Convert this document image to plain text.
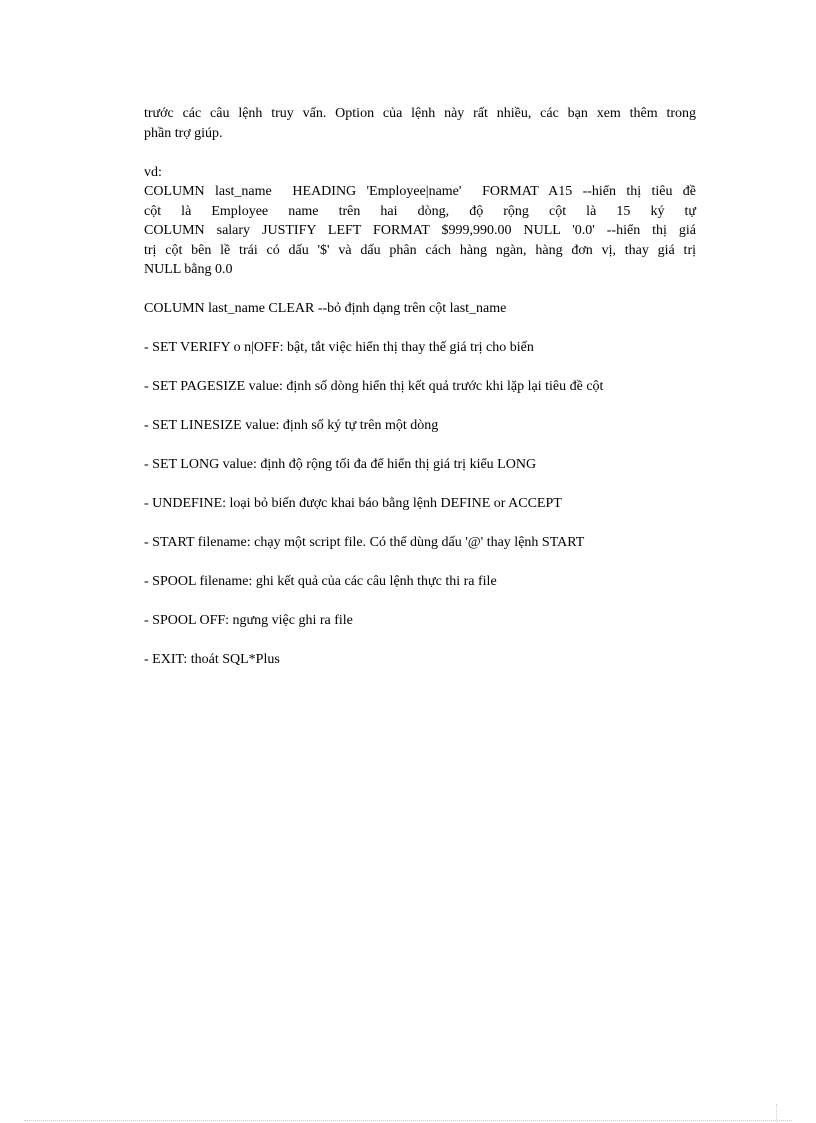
trước các câu lệnh truy vấn. Option của lệnh này rất nhiều, các bạn xem thêm trong
phần trợ giúp.

vd:

COLUMN last_name  HEADING 'Employee|name'  FORMAT A15 --hiển thị tiêu đề
cột là Employee name trên hai dòng, độ rộng cột là 15 ký tự
COLUMN salary JUSTIFY LEFT FORMAT $999,990.00 NULL '0.0' --hiển thị giá
trị cột bên lề trái có dấu '$' và dấu phân cách hàng ngàn, hàng đơn vị, thay giá trị
NULL bằng 0.0

COLUMN last_name CLEAR --bỏ định dạng trên cột last_name

- SET VERIFY o n|OFF: bật, tắt việc hiển thị thay thế giá trị cho biến

- SET PAGESIZE value: định số dòng hiển thị kết quả trước khi lặp lại tiêu đề cột

- SET LINESIZE value: định số ký tự trên một dòng

- SET LONG value: định độ rộng tối đa để hiển thị giá trị kiểu LONG

- UNDEFINE: loại bỏ biến được khai báo bằng lệnh DEFINE or ACCEPT

- START filename: chạy một script file. Có thể dùng dấu '@' thay lệnh START

- SPOOL filename: ghi kết quả của các câu lệnh thực thi ra file

- SPOOL OFF: ngưng việc ghi ra file

- EXIT: thoát SQL*Plus
